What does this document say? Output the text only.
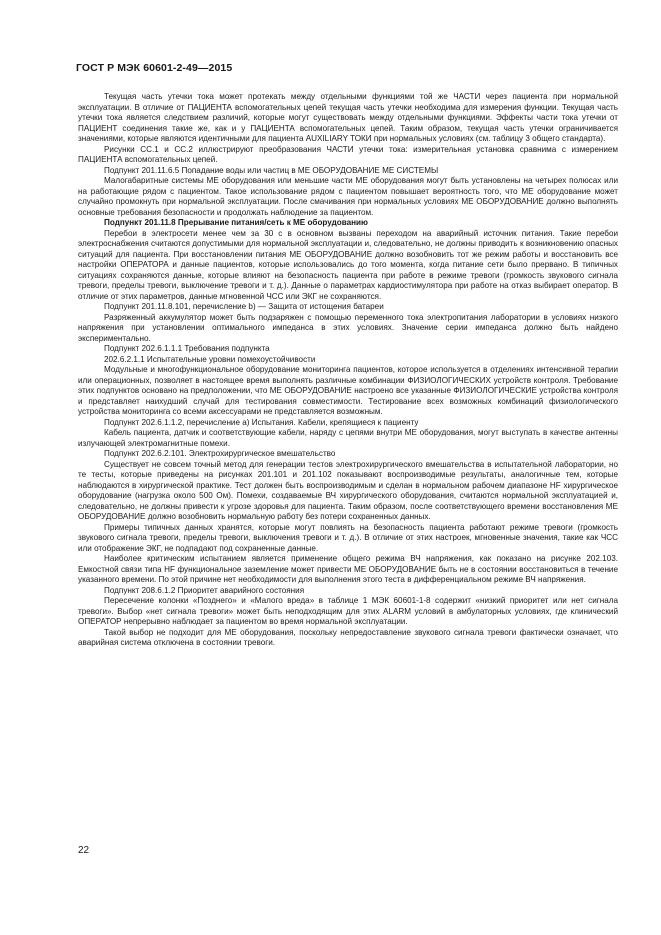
ГОСТ Р МЭК 60601-2-49—2015

Текущая часть утечки тока может протекать между отдельными функциями той же ЧАСТИ через пациента при нормальной эксплуатации. В отличие от ПАЦИЕНТА вспомогательных цепей текущая часть утечки необходима для измерения функции. Текущая часть утечки тока является следствием различий, которые могут существовать между отдельными функциями. Эффекты части тока утечки от ПАЦИЕНТ соединения такие же, как и у ПАЦИЕНТА вспомогательных цепей. Таким образом, текущая часть утечки ограничивается значениями, которые являются идентичными для пациента AUXILIARY ТОКИ при нормальных условиях (см. таблицу 3 общего стандарта).

Рисунки СС.1 и СС.2 иллюстрируют преобразования ЧАСТИ утечки тока: измерительная установка сравнима с измерением ПАЦИЕНТА вспомогательных цепей.

Подпункт 201.11.6.5 Попадание воды или частиц в МЕ ОБОРУДОВАНИЕ МЕ СИСТЕМЫ

Малогабаритные системы МЕ оборудования или меньшие части МЕ оборудования могут быть установлены на четырех полюсах или на работающие рядом с пациентом. Такое использование рядом с пациентом повышает вероятность того, что МЕ оборудование может случайно промокнуть при нормальной эксплуатации. После смачивания при нормальных условиях МЕ ОБОРУДОВАНИЕ должно выполнять основные требования безопасности и продолжать наблюдение за пациентом.

Подпункт 201.11.8 Прерывание питания/сеть к МЕ оборудованию

Перебои в электросети менее чем за 30 с в основном вызваны переходом на аварийный источник питания. Такие перебои электроснабжения считаются допустимыми для нормальной эксплуатации и, следовательно, не должны приводить к возникновению опасных ситуаций для пациента. При восстановлении питания МЕ ОБОРУДОВАНИЕ должно возобновить тот же режим работы и восстановить все настройки ОПЕРАТОРА и данные пациентов, которые использовались до того момента, когда питание сети было прервано. В типичных ситуациях сохраняются данные, которые влияют на безопасность пациента при работе в режиме тревоги (громкость звукового сигнала тревоги, пределы тревоги, выключение тревоги и т. д.). Данные о параметрах кардиостимулятора при работе на отказ выбирает оператор. В отличие от этих параметров, данные мгновенной ЧСС или ЭКГ не сохраняются.

Подпункт 201.11.8.101, перечисление b) — Защита от истощения батареи

Разряженный аккумулятор может быть подзаряжен с помощью переменного тока электропитания лаборатории в условиях низкого напряжения при установлении оптимального импеданса в этих условиях. Значение серии импеданса должно быть найдено экспериментально.

Подпункт 202.6.1.1.1 Требования подпункта

202.6.2.1.1 Испытательные уровни помехоустойчивости

Модульные и многофункциональное оборудование мониторинга пациентов, которое используется в отделениях интенсивной терапии или операционных, позволяет в настоящее время выполнять различные комбинации ФИЗИОЛОГИЧЕСКИХ устройств контроля. Требование этих подпунктов основано на предположении, что МЕ ОБОРУДОВАНИЕ настроено все указанные ФИЗИОЛОГИЧЕСКИЕ устройства контроля и представляет наихудший случай для тестирования совместимости. Тестирование всех возможных комбинаций физиологического устройства мониторинга со всеми аксессуарами не представляется возможным.

Подпункт 202.6.1.1.2, перечисление а) Испытания. Кабели, крепящиеся к пациенту

Кабель пациента, датчик и соответствующие кабели, наряду с цепями внутри МЕ оборудования, могут выступать в качестве антенны излучающей электромагнитные помехи.

Подпункт 202.6.2.101. Электрохирургическое вмешательство

Существует не совсем точный метод для генерации тестов электрохирургического вмешательства в испытательной лаборатории, но те тесты, которые приведены на рисунках 201.101 и 201.102 показывают воспроизводимые результаты, аналогичные тем, которые наблюдаются в хирургической практике. Тест должен быть воспроизводимым и сделан в нормальном рабочем диапазоне HF хирургическое оборудование (нагрузка около 500 Ом). Помехи, создаваемые ВЧ хирургического оборудования, считаются нормальной эксплуатацией и, следовательно, не должны привести к угрозе здоровья для пациента. Таким образом, после соответствующего времени восстановления МЕ ОБОРУДОВАНИЕ должно возобновить нормальную работу без потери сохраненных данных.

Примеры типичных данных хранятся, которые могут повлиять на безопасность пациента работают режиме тревоги (громкость звукового сигнала тревоги, пределы тревоги, выключения тревоги и т. д.). В отличие от этих настроек, мгновенные значения, такие как ЧСС или отображение ЭКГ, не подпадают под сохраненные данные.

Наиболее критическим испытанием является применение общего режима ВЧ напряжения, как показано на рисунке 202.103. Емкостной связи типа HF функциональное заземление может привести МЕ ОБОРУДОВАНИЕ быть не в состоянии восстановиться в течение указанного времени. По этой причине нет необходимости для выполнения этого теста в дифференциальном режиме ВЧ напряжения.

Подпункт 208.6.1.2 Приоритет аварийного состояния

Пересечение колонки «Позднего» и «Малого вреда» в таблице 1 МЭК 60601-1-8 содержит «низкий приоритет или нет сигнала тревоги». Выбор «нет сигнала тревоги» может быть неподходящим для этих ALARM условий в амбулаторных условиях, где клинический ОПЕРАТОР непрерывно наблюдает за пациентом во время нормальной эксплуатации.

Такой выбор не подходит для МЕ оборудования, поскольку непредоставление звукового сигнала тревоги фактически означает, что аварийная система отключена в состоянии тревоги.

22
